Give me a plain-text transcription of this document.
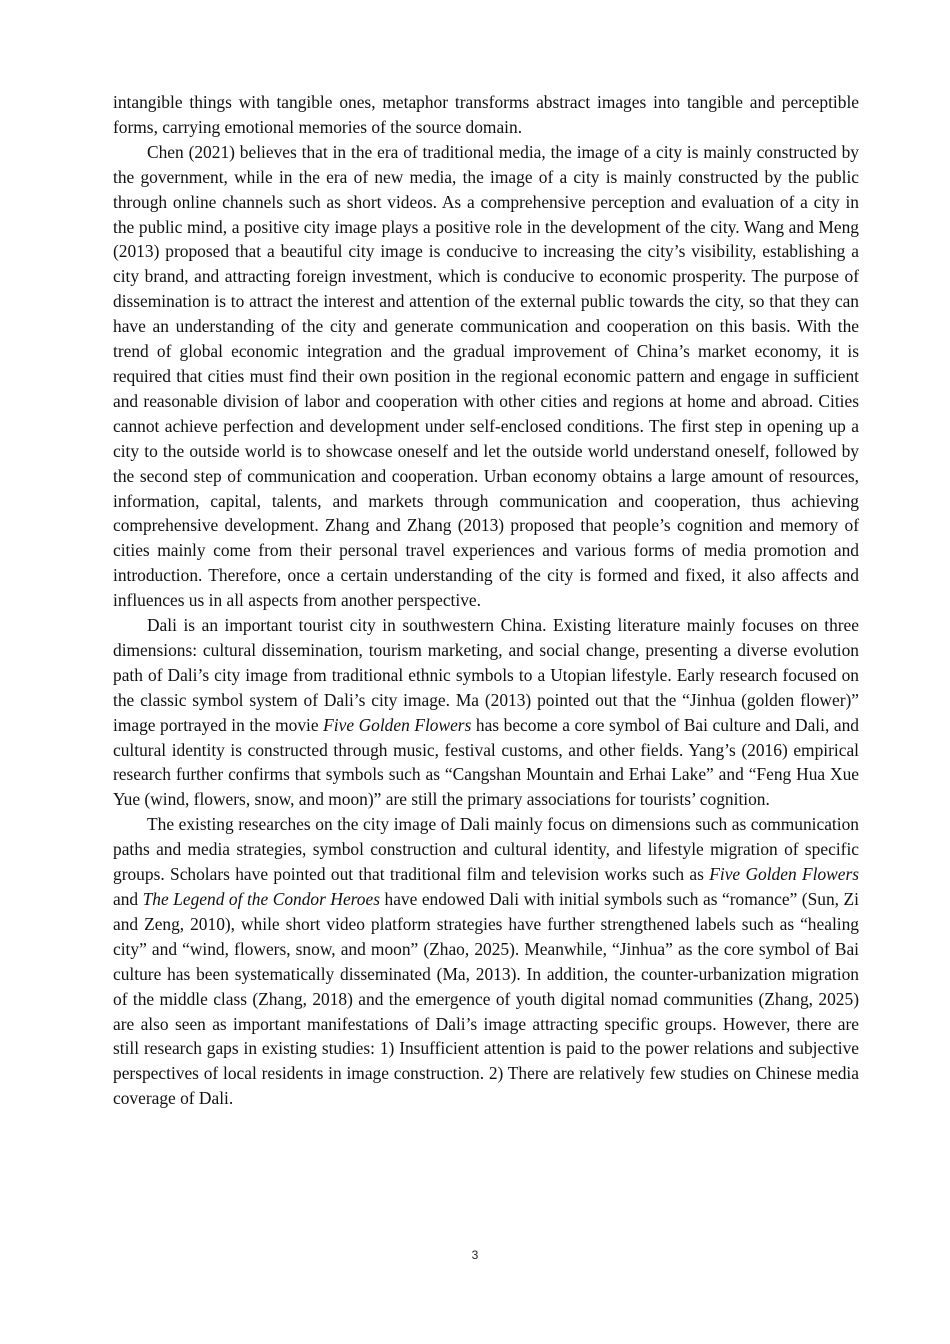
intangible things with tangible ones, metaphor transforms abstract images into tangible and perceptible forms, carrying emotional memories of the source domain.

Chen (2021) believes that in the era of traditional media, the image of a city is mainly constructed by the government, while in the era of new media, the image of a city is mainly constructed by the public through online channels such as short videos. As a comprehensive perception and evaluation of a city in the public mind, a positive city image plays a positive role in the development of the city. Wang and Meng (2013) proposed that a beautiful city image is conducive to increasing the city’s visibility, establishing a city brand, and attracting foreign investment, which is conducive to economic prosperity. The purpose of dissemination is to attract the interest and attention of the external public towards the city, so that they can have an understanding of the city and generate communication and cooperation on this basis. With the trend of global economic integration and the gradual improvement of China’s market economy, it is required that cities must find their own position in the regional economic pattern and engage in sufficient and reasonable division of labor and cooperation with other cities and regions at home and abroad. Cities cannot achieve perfection and development under self-enclosed conditions. The first step in opening up a city to the outside world is to showcase oneself and let the outside world understand oneself, followed by the second step of communication and cooperation. Urban economy obtains a large amount of resources, information, capital, talents, and markets through communication and cooperation, thus achieving comprehensive development. Zhang and Zhang (2013) proposed that people’s cognition and memory of cities mainly come from their personal travel experiences and various forms of media promotion and introduction. Therefore, once a certain understanding of the city is formed and fixed, it also affects and influences us in all aspects from another perspective.

Dali is an important tourist city in southwestern China. Existing literature mainly focuses on three dimensions: cultural dissemination, tourism marketing, and social change, presenting a diverse evolution path of Dali’s city image from traditional ethnic symbols to a Utopian lifestyle. Early research focused on the classic symbol system of Dali’s city image. Ma (2013) pointed out that the “Jinhua (golden flower)” image portrayed in the movie Five Golden Flowers has become a core symbol of Bai culture and Dali, and cultural identity is constructed through music, festival customs, and other fields. Yang’s (2016) empirical research further confirms that symbols such as “Cangshan Mountain and Erhai Lake” and “Feng Hua Xue Yue (wind, flowers, snow, and moon)” are still the primary associations for tourists’ cognition.

The existing researches on the city image of Dali mainly focus on dimensions such as communication paths and media strategies, symbol construction and cultural identity, and lifestyle migration of specific groups. Scholars have pointed out that traditional film and television works such as Five Golden Flowers and The Legend of the Condor Heroes have endowed Dali with initial symbols such as “romance” (Sun, Zi and Zeng, 2010), while short video platform strategies have further strengthened labels such as “healing city” and “wind, flowers, snow, and moon” (Zhao, 2025). Meanwhile, “Jinhua” as the core symbol of Bai culture has been systematically disseminated (Ma, 2013). In addition, the counter-urbanization migration of the middle class (Zhang, 2018) and the emergence of youth digital nomad communities (Zhang, 2025) are also seen as important manifestations of Dali’s image attracting specific groups. However, there are still research gaps in existing studies: 1) Insufficient attention is paid to the power relations and subjective perspectives of local residents in image construction. 2) There are relatively few studies on Chinese media coverage of Dali.

3
